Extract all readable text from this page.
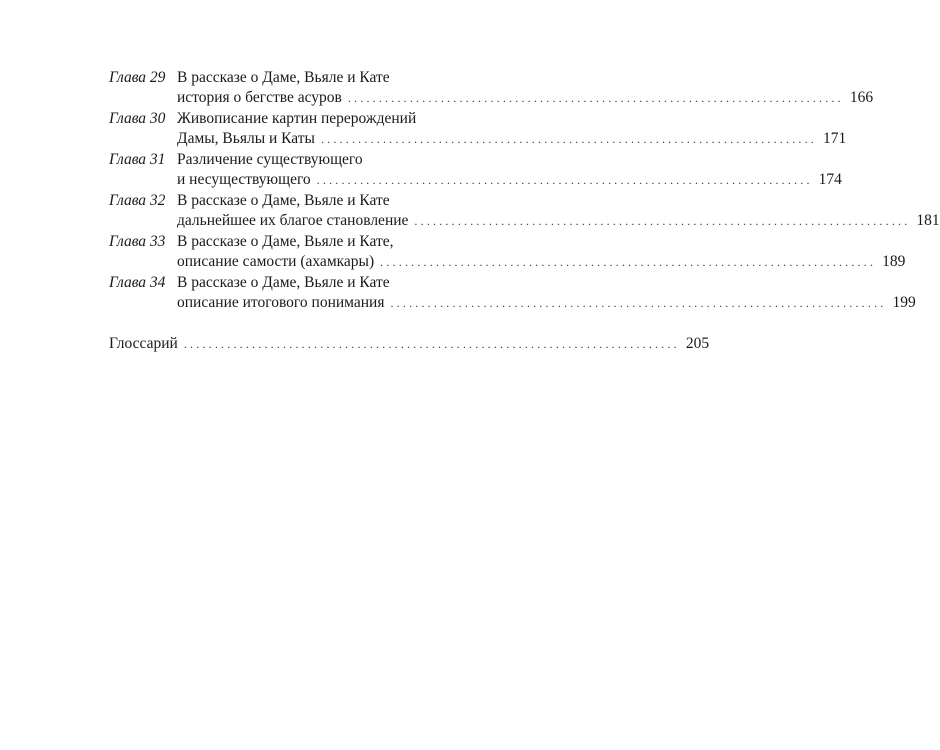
Глава 29 В рассказе о Даме, Вьяле и Кате
история о бегстве асуров ................................................................................ 166
Глава 30 Живописание картин перерождений
Дамы, Вьялы и Каты ................................................................................ 171
Глава 31 Различение существующего
и несуществующего ................................................................................ 174
Глава 32 В рассказе о Даме, Вьяле и Кате
дальнейшее их благое становление ................................................................................ 181
Глава 33 В рассказе о Даме, Вьяле и Кате,
описание самости (ахамкары) ................................................................................ 189
Глава 34 В рассказе о Даме, Вьяле и Кате
описание итогового понимания ................................................................................ 199
Глоссарий ................................................................................ 205
